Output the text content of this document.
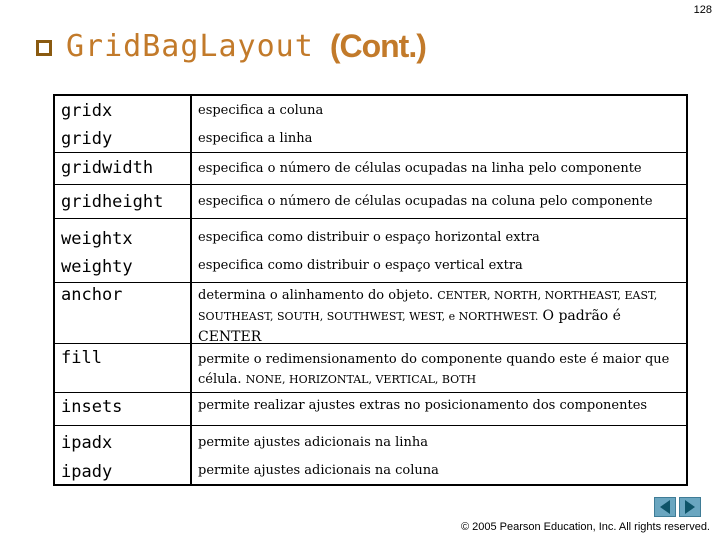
128
GridBagLayout (Cont.)
gridx	especifica a coluna
gridy	especifica a linha
gridwidth	especifica o número de células ocupadas na linha pelo componente
gridheight	especifica o número de células ocupadas na coluna pelo componente
weightx	especifica como distribuir o espaço horizontal extra
weighty	especifica como distribuir o espaço vertical extra
anchor	determina o alinhamento do objeto. CENTER, NORTH, NORTHEAST, EAST, SOUTHEAST, SOUTH, SOUTHWEST, WEST, e NORTHWEST. O padrão é CENTER
fill	permite o redimensionamento do componente quando este é maior que célula. NONE, HORIZONTAL, VERTICAL, BOTH
insets	permite realizar ajustes extras no posicionamento dos componentes
ipadx	permite ajustes adicionais na linha
ipady	permite ajustes adicionais na coluna
© 2005 Pearson Education, Inc. All rights reserved.
